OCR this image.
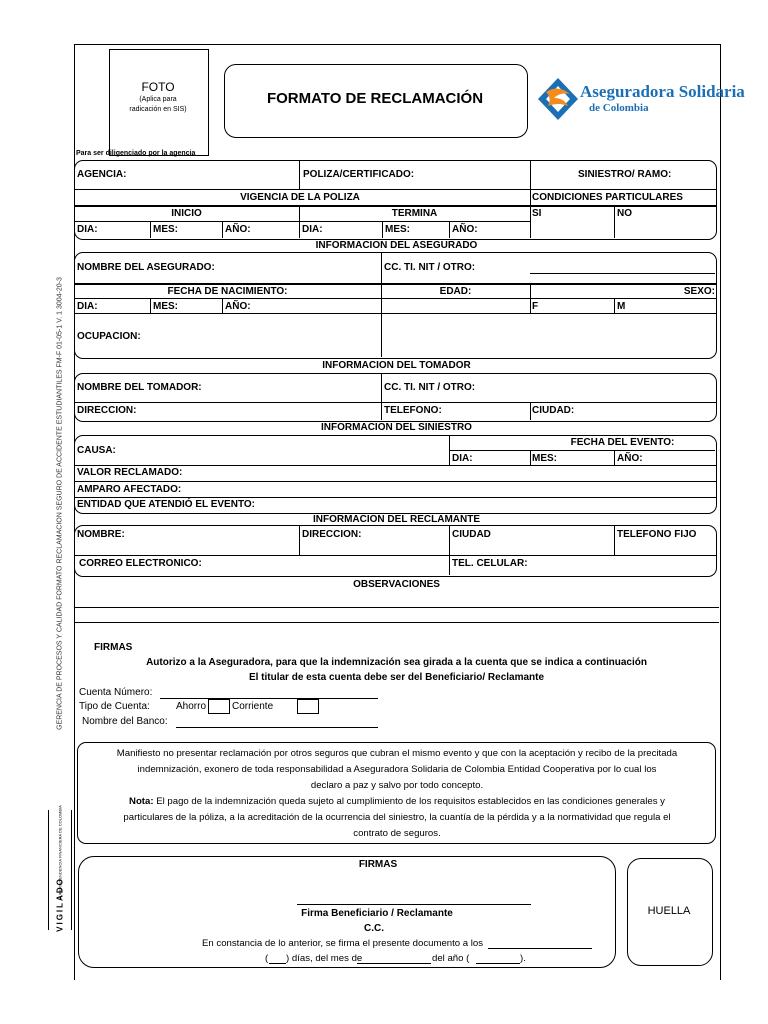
GERENCIA DE PROCESOS Y CALIDAD FORMATO RECLAMACION SEGURO DE ACCIDENTE ESTUDIANTILES FM-F 01-05-1 V. 1 3004-20-3
VIGILADO
SUPERINTENDENCIA FINANCIERA DE COLOMBIA
FOTO
(Aplica para
radicación en SIS)
FORMATO DE RECLAMACIÓN	Aseguradora Solidaria
de Colombia
Para ser diligenciado por la agencia
AGENCIA:	POLIZA/CERTIFICADO:	SINIESTRO/ RAMO:
VIGENCIA DE LA POLIZA	CONDICIONES PARTICULARES
INICIO	TERMINA	SI	NO
DIA:	MES:	AÑO:	DIA:	MES:	AÑO:
INFORMACION DEL ASEGURADO
NOMBRE DEL ASEGURADO:	CC. TI. NIT / OTRO:
FECHA DE NACIMIENTO:	EDAD:	SEXO:
DIA:	MES:	AÑO:	F	M
OCUPACION:
INFORMACION DEL TOMADOR
NOMBRE DEL TOMADOR:	CC. TI. NIT / OTRO:
DIRECCION:	TELEFONO:	CIUDAD:
INFORMACION DEL SINIESTRO
CAUSA:
FECHA DEL EVENTO:
DIA:	MES:	AÑO:
VALOR RECLAMADO:
AMPARO AFECTADO:
ENTIDAD QUE ATENDIÓ EL EVENTO:
INFORMACION DEL RECLAMANTE
NOMBRE:	DIRECCION:	CIUDAD	TELEFONO FIJO
CORREO ELECTRONICO:	TEL. CELULAR:
OBSERVACIONES
FIRMAS
Autorizo a la Aseguradora, para que la indemnización sea girada a la cuenta que se indica a continuación
El titular de esta cuenta debe ser del Beneficiario/ Reclamante
Cuenta Número:
Tipo de Cuenta:	Ahorro	Corriente
Nombre del Banco:
Manifiesto no presentar reclamación por otros seguros que cubran el mismo evento y que con la aceptación y recibo de la precitada
indemnización, exonero de toda responsabilidad a Aseguradora Solidaria de Colombia Entidad Cooperativa por lo cual los
declaro a paz y salvo por todo concepto.
Nota: El pago de la indemnización queda sujeto al cumplimiento de los requisitos establecidos en las condiciones generales y
particulares de la póliza, a la acreditación de la ocurrencia del siniestro, la cuantía de la pérdida y a la normatividad que regula el
contrato de seguros.
FIRMAS
Firma Beneficiario / Reclamante
C.C.
En constancia de lo anterior, se firma el presente documento a los
( ) días, del mes de	del año (	).
HUELLA
